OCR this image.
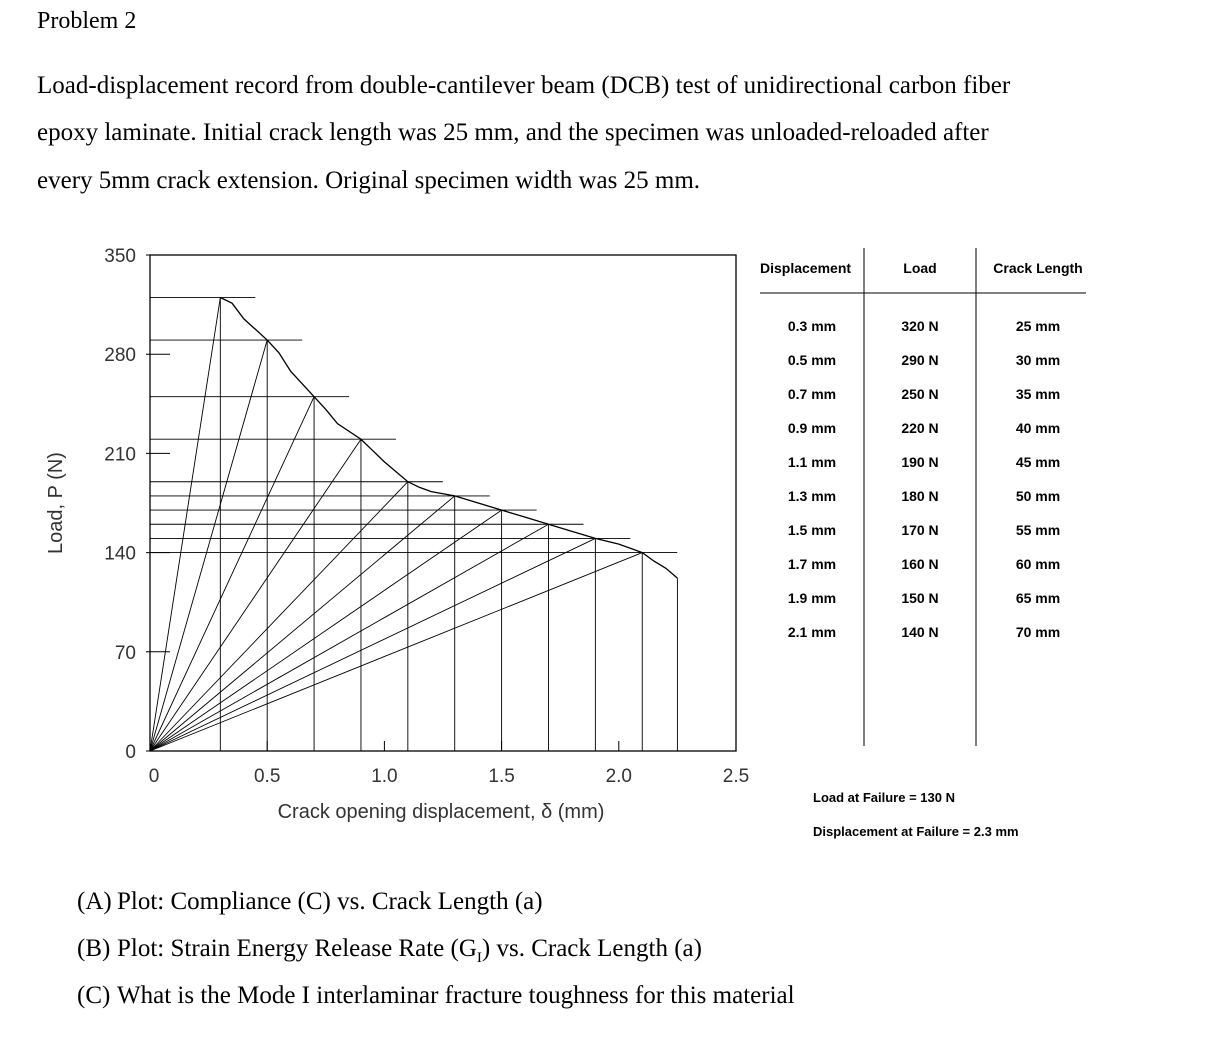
Problem 2
Load-displacement record from double-cantilever beam (DCB) test of unidirectional carbon fiber
epoxy laminate. Initial crack length was 25 mm, and the specimen was unloaded-reloaded after
every 5mm crack extension. Original specimen width was 25 mm.
350
280
210
140
70
0
0	0.5	1.0	1.5	2.0	2.5
Load, P (N)
Crack opening displacement, δ (mm)
Displacement	Load	Crack Length
0.3 mm	320 N	25 mm
0.5 mm	290 N	30 mm
0.7 mm	250 N	35 mm
0.9 mm	220 N	40 mm
1.1 mm	190 N	45 mm
1.3 mm	180 N	50 mm
1.5 mm	170 N	55 mm
1.7 mm	160 N	60 mm
1.9 mm	150 N	65 mm
2.1 mm	140 N	70 mm
Load at Failure = 130 N
Displacement at Failure = 2.3 mm
(A) Plot: Compliance (C) vs. Crack Length (a)
(B) Plot: Strain Energy Release Rate $(G_I)$ vs. Crack Length (a)
(C) What is the Mode I interlaminar fracture toughness for this material
